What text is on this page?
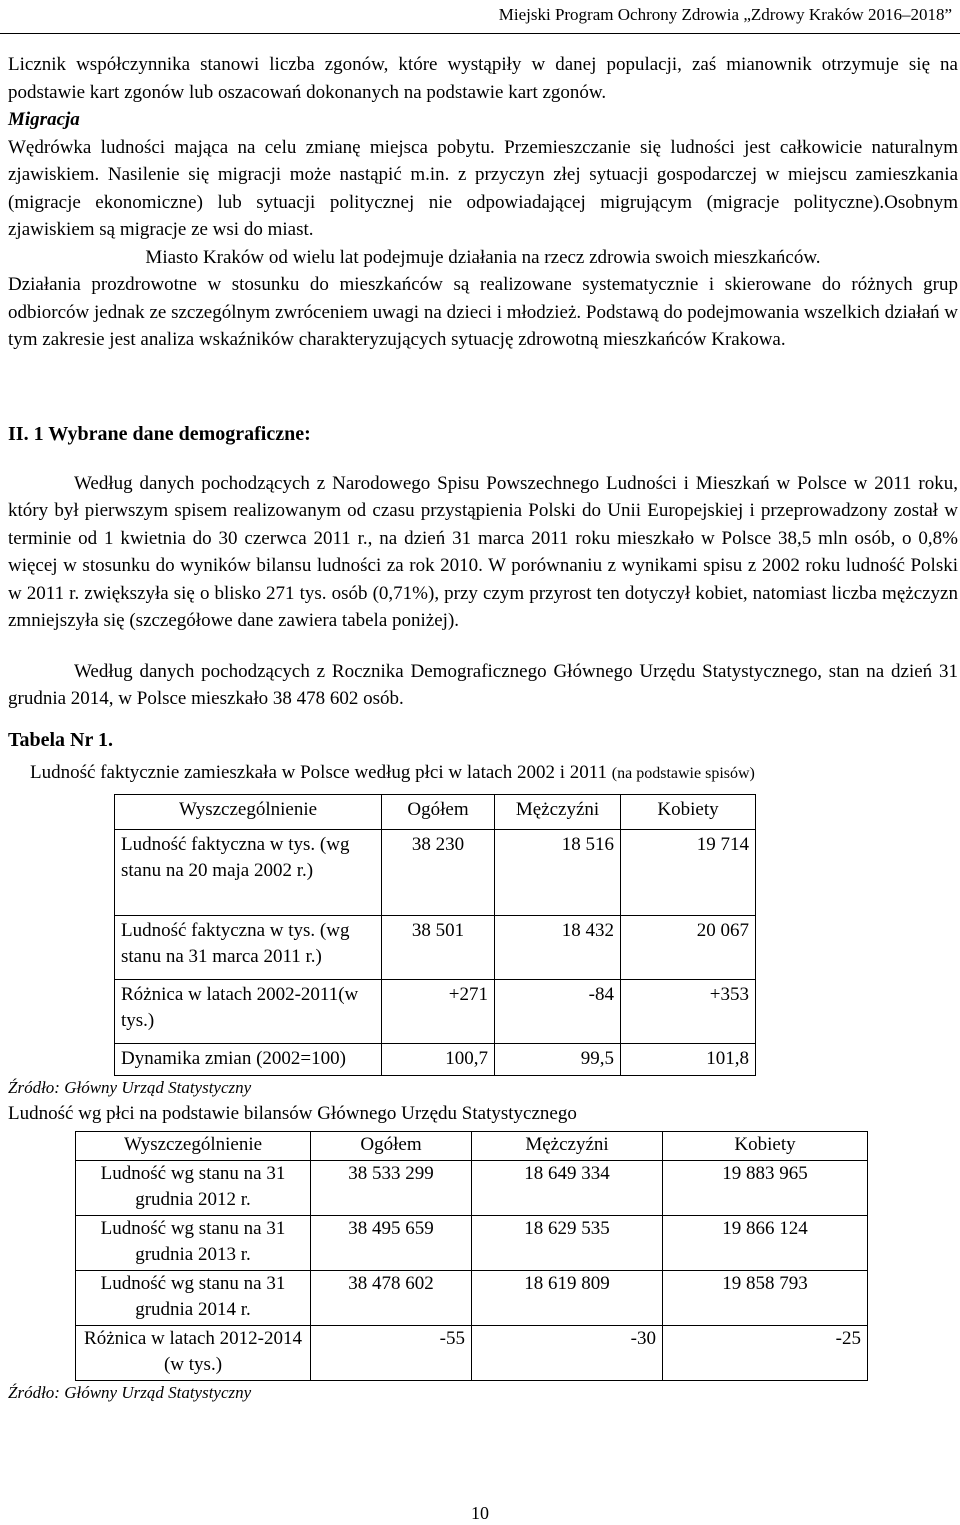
Miejski Program Ochrony Zdrowia „Zdrowy Kraków 2016–2018”

Licznik współczynnika stanowi liczba zgonów, które wystąpiły w danej populacji, zaś mianownik otrzymuje się na podstawie kart zgonów lub oszacowań dokonanych na podstawie kart zgonów.

Migracja

Wędrówka ludności mająca na celu zmianę miejsca pobytu. Przemieszczanie się ludności jest całkowicie naturalnym zjawiskiem. Nasilenie się migracji może nastąpić m.in. z przyczyn złej sytuacji gospodarczej w miejscu zamieszkania (migracje ekonomiczne) lub sytuacji politycznej nie odpowiadającej migrującym (migracje polityczne).Osobnym zjawiskiem są migracje ze wsi do miast.

Miasto Kraków od wielu lat podejmuje działania na rzecz zdrowia swoich mieszkańców.

Działania prozdrowotne w stosunku do mieszkańców są realizowane systematycznie i skierowane do różnych grup odbiorców jednak ze szczególnym zwróceniem uwagi na dzieci i młodzież. Podstawą do podejmowania wszelkich działań w tym zakresie jest analiza wskaźników charakteryzujących sytuację zdrowotną mieszkańców Krakowa.

II. 1 Wybrane dane demograficzne:

Według danych pochodzących z Narodowego Spisu Powszechnego Ludności i Mieszkań w Polsce w 2011 roku, który był pierwszym spisem realizowanym od czasu przystąpienia Polski do Unii Europejskiej i przeprowadzony został w terminie od 1 kwietnia do 30 czerwca 2011 r., na dzień 31 marca 2011 roku mieszkało w Polsce 38,5 mln osób, o 0,8% więcej w stosunku do wyników bilansu ludności za rok 2010. W porównaniu z wynikami spisu z 2002 roku ludność Polski w 2011 r. zwiększyła się o blisko 271 tys. osób (0,71%), przy czym przyrost ten dotyczył kobiet, natomiast liczba mężczyzn zmniejszyła się (szczegółowe dane zawiera tabela poniżej).

Według danych pochodzących z Rocznika Demograficznego Głównego Urzędu Statystycznego, stan na dzień 31 grudnia 2014, w Polsce mieszkało 38 478 602 osób.

Tabela Nr 1.

Ludność faktycznie zamieszkała w Polsce według płci w latach 2002 i 2011 (na podstawie spisów)

Wyszczególnienie	Ogółem	Mężczyźni	Kobiety
Ludność faktyczna w tys. (wg stanu na 20 maja 2002 r.)	38 230	18 516	19 714
Ludność faktyczna w tys. (wg stanu na 31 marca 2011 r.)	38 501	18 432	20 067
Różnica w latach 2002-2011(w tys.)	+271	-84	+353
Dynamika zmian (2002=100)	100,7	99,5	101,8

Źródło: Główny Urząd Statystyczny

Ludność wg płci na podstawie bilansów Głównego Urzędu Statystycznego

Wyszczególnienie	Ogółem	Mężczyźni	Kobiety
Ludność wg stanu na 31 grudnia 2012 r.	38 533 299	18 649 334	19 883 965
Ludność wg stanu na 31 grudnia 2013 r.	38 495 659	18 629 535	19 866 124
Ludność wg stanu na 31 grudnia 2014 r.	38 478 602	18 619 809	19 858 793
Różnica w latach 2012-2014 (w tys.)	-55	-30	-25

Źródło: Główny Urząd Statystyczny

10
